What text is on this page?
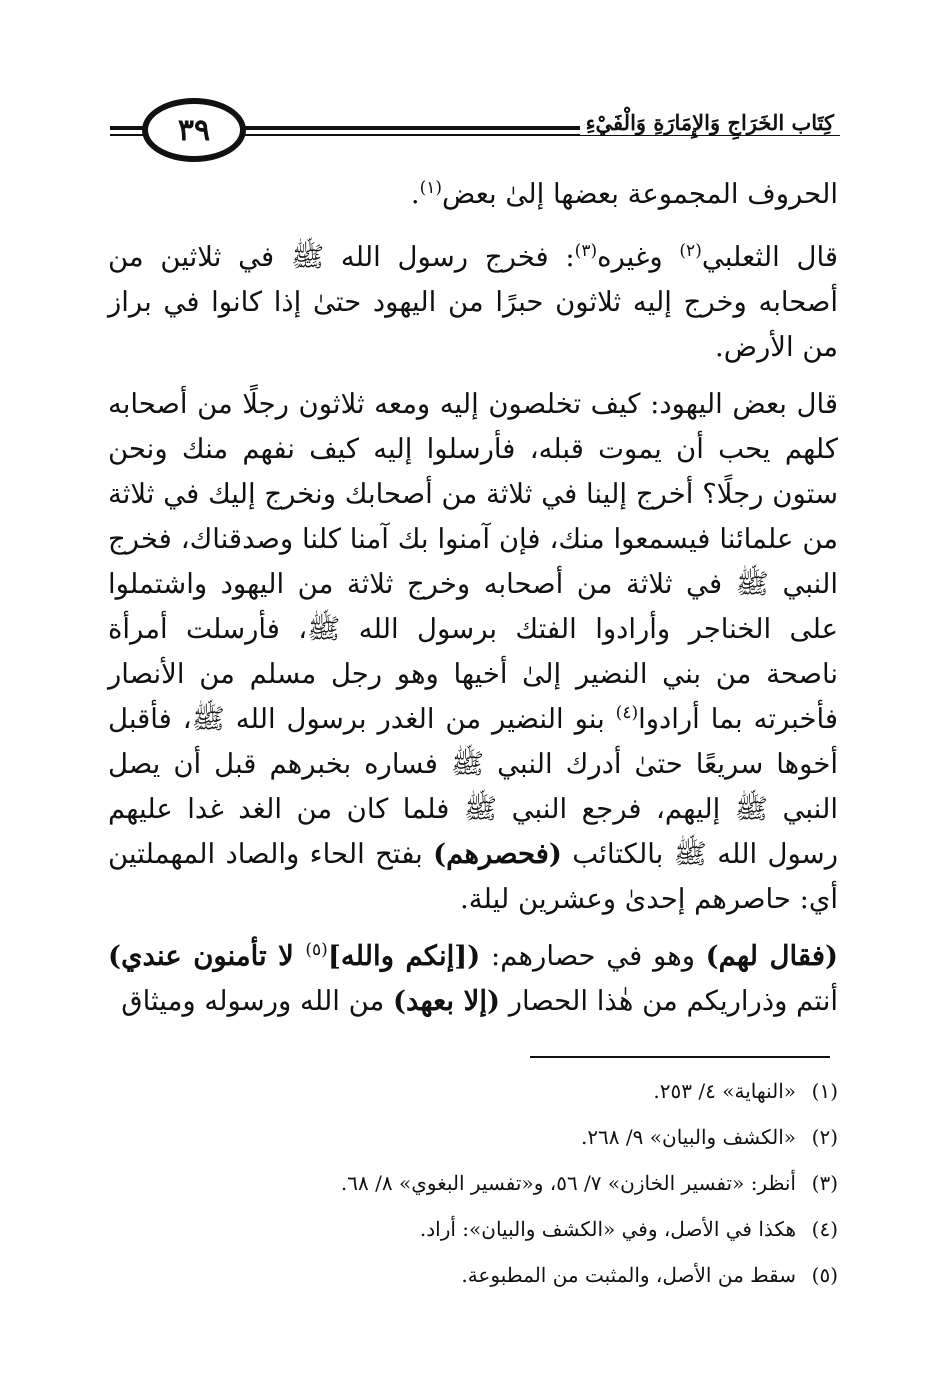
٣٩	كِتَاب الخَرَاجِ وَالإِمَارَةِ وَالْفَيْءِ

الحروف المجموعة بعضها إلىٰ بعض$^{(١)}$.

قال الثعلبي$^{(٢)}$ وغيره$^{(٣)}$: فخرج رسول الله ﷺ في ثلاثين من أصحابه وخرج إليه ثلاثون حبرًا من اليهود حتىٰ إذا كانوا في براز من الأرض.

قال بعض اليهود: كيف تخلصون إليه ومعه ثلاثون رجلًا من أصحابه كلهم يحب أن يموت قبله، فأرسلوا إليه كيف نفهم منك ونحن ستون رجلًا؟ أخرج إلينا في ثلاثة من أصحابك ونخرج إليك في ثلاثة من علمائنا فيسمعوا منك، فإن آمنوا بك آمنا كلنا وصدقناك، فخرج النبي ﷺ في ثلاثة من أصحابه وخرج ثلاثة من اليهود واشتملوا على الخناجر وأرادوا الفتك برسول الله ﷺ، فأرسلت أمرأة ناصحة من بني النضير إلىٰ أخيها وهو رجل مسلم من الأنصار فأخبرته بما أرادوا$^{(٤)}$ بنو النضير من الغدر برسول الله ﷺ، فأقبل أخوها سريعًا حتىٰ أدرك النبي ﷺ فساره بخبرهم قبل أن يصل النبي ﷺ إليهم، فرجع النبي ﷺ فلما كان من الغد غدا عليهم رسول الله ﷺ بالكتائب (فحصرهم) بفتح الحاء والصاد المهملتين أي: حاصرهم إحدىٰ وعشرين ليلة.

(فقال لهم) وهو في حصارهم: ([إنكم والله]$^{(٥)}$ لا تأمنون عندي) أنتم وذراريكم من هٰذا الحصار (إلا بعهد) من الله ورسوله وميثاق

(١)
«النهاية» ٤/ ٢٥٣.
(٢)
«الكشف والبيان» ٩/ ٢٦٨.
(٣)
أنظر: «تفسير الخازن» ٧/ ٥٦، و«تفسير البغوي» ٨/ ٦٨.
(٤)
هكذا في الأصل، وفي «الكشف والبيان»: أراد.
(٥)
سقط من الأصل، والمثبت من المطبوعة.
